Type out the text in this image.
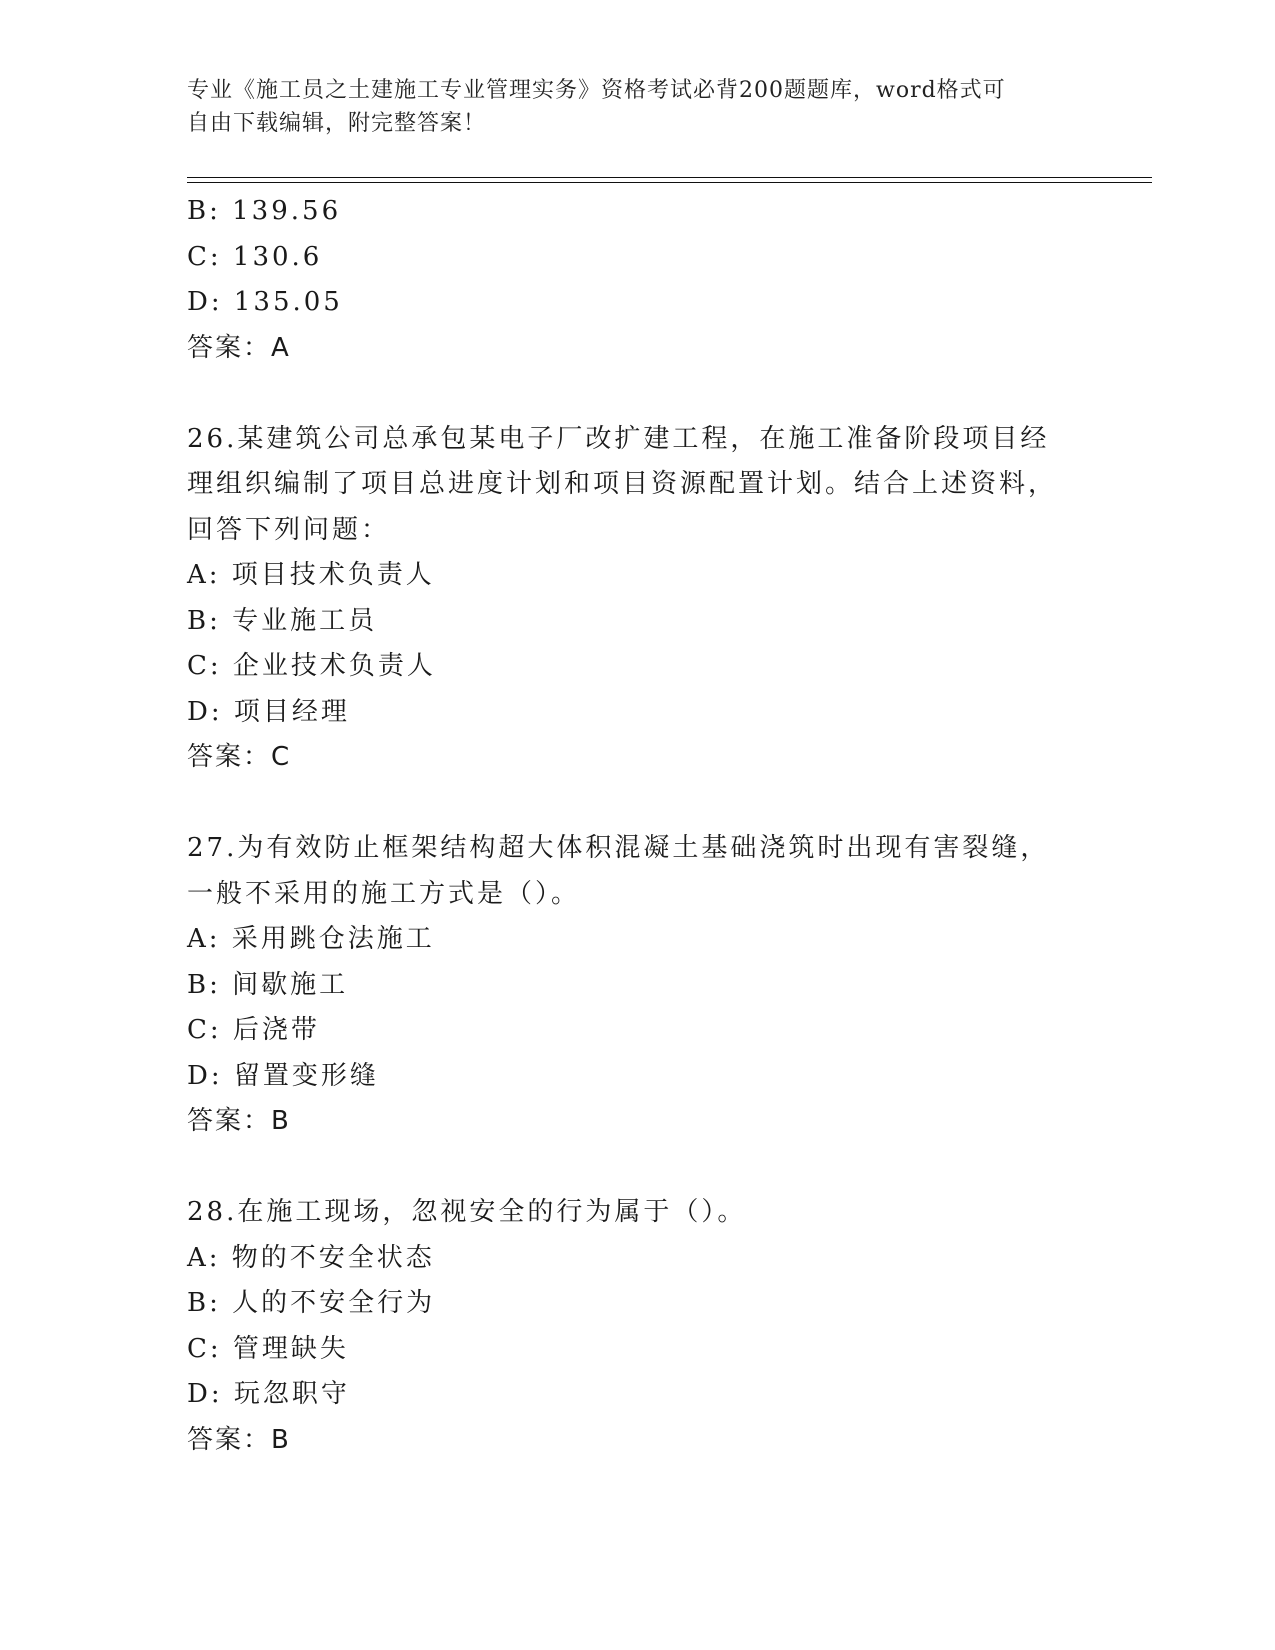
专业《施工员之土建施工专业管理实务》资格考试必背200题题库，word格式可
自由下载编辑，附完整答案！
B: 139.56
C: 130.6
D: 135.05
答案：A
26.某建筑公司总承包某电子厂改扩建工程，在施工准备阶段项目经理组织编制了项目总进度计划和项目资源配置计划。结合上述资料，回答下列问题：
A: 项目技术负责人
B: 专业施工员
C: 企业技术负责人
D: 项目经理
答案：C
27.为有效防止框架结构超大体积混凝土基础浇筑时出现有害裂缝，一般不采用的施工方式是（）。
A: 采用跳仓法施工
B: 间歇施工
C: 后浇带
D: 留置变形缝
答案：B
28.在施工现场，忽视安全的行为属于（）。
A: 物的不安全状态
B: 人的不安全行为
C: 管理缺失
D: 玩忽职守
答案：B
